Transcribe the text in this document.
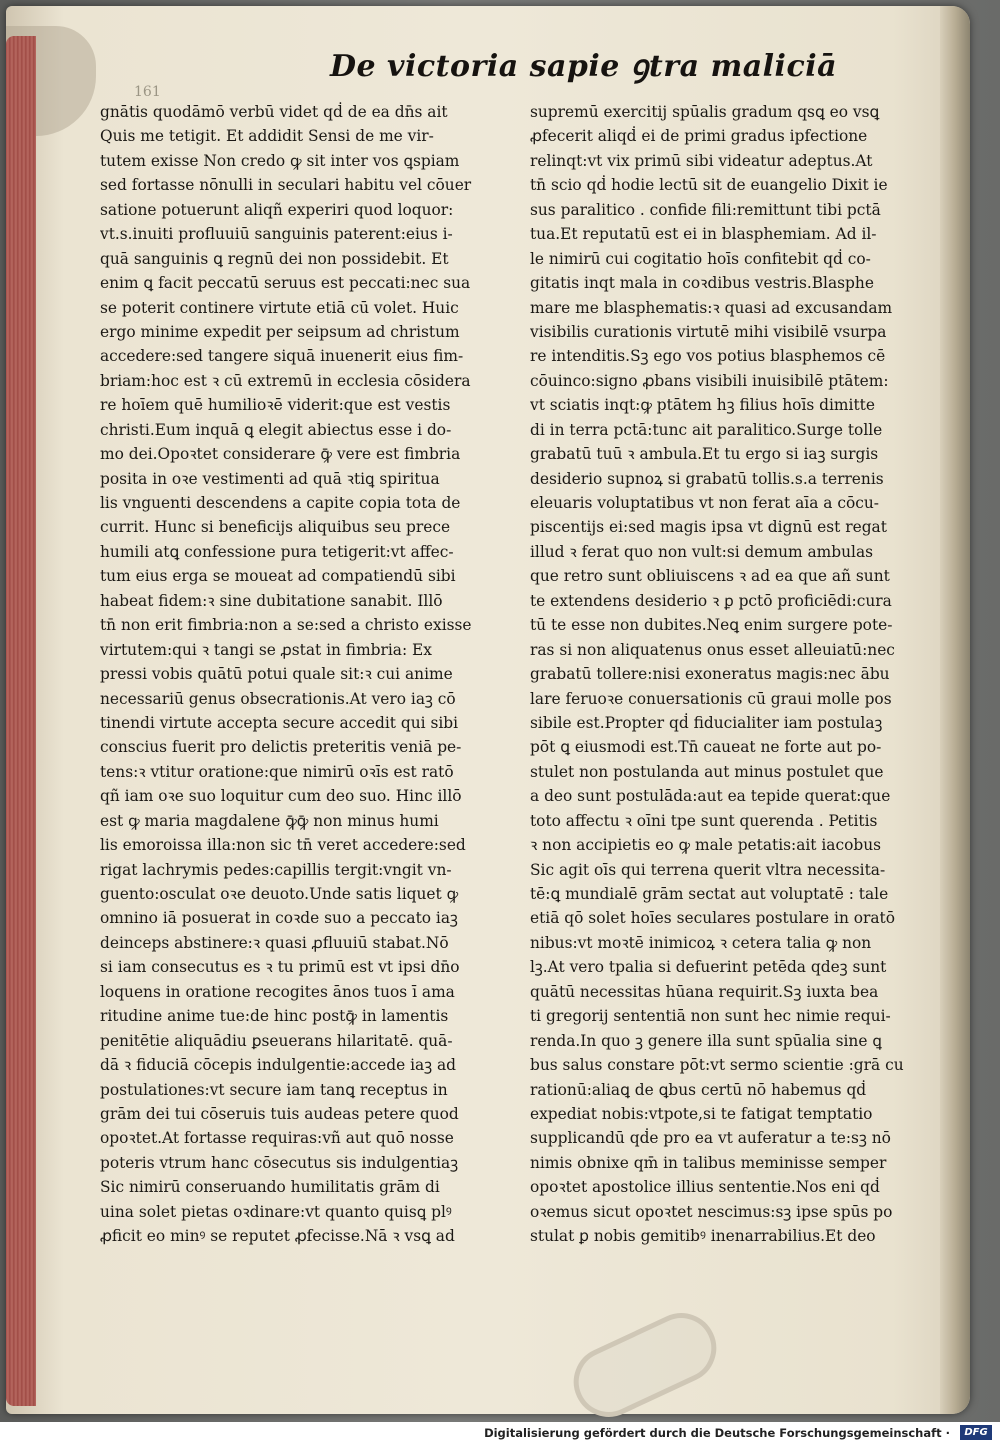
De victoria sapie ꝯtra maliciā
161
gnātis quodāmō verbū videt qḋ de ea dn̄s ait
Quis me tetigit. Et addidit Sensi de me vir-
tutem exisse Non credo ꝙ sit inter vos ꝗspiam
sed fortasse nōnulli in seculari habitu vel cōuer
satione potuerunt aliqñ experiri quod loquor:
vt.s.inuiti profluuiū sanguinis paterent:eius i-
quā sanguinis ꝗ regnū dei non possidebit. Et
enim ꝗ facit peccatū seruus est peccati:nec sua
se poterit continere virtute etiā cū volet. Huic
ergo minime expedit per seipsum ad christum
accedere:sed tangere siquā inuenerit eius fim-
briam:hoc est ꝛ cū extremū in ecclesia cōsidera
re hoīem quē humilioꝛē viderit:que est vestis
christi.Eum inquā ꝗ elegit abiectus esse i do-
mo dei.Opoꝛtet considerare ꝙ̄ vere est fimbria
posita in oꝛe vestimenti ad quā ꝛtiꝗ spiritua
lis vnguenti descendens a capite copia tota de
currit. Hunc si beneficijs aliquibus seu prece
humili atꝗ confessione pura tetigerit:vt affec-
tum eius erga se moueat ad compatiendū sibi
habeat fidem:ꝛ sine dubitatione sanabit. Illō
tn̄ non erit fimbria:non a se:sed a christo exisse
virtutem:qui ꝛ tangi se ꝓstat in fimbria: Ex
pressi vobis quātū potui quale sit:ꝛ cui anime
necessariū genus obsecrationis.At vero iaꝫ cō
tinendi virtute accepta secure accedit qui sibi
conscius fuerit pro delictis preteritis veniā pe-
tens:ꝛ vtitur oratione:que nimirū oꝛīs est ratō
qñ iam oꝛe suo loquitur cum deo suo. Hinc illō
est ꝙ maria magdalene ꝙ̄ꝙ̄ non minus humi
lis emoroissa illa:non sic tn̄ veret accedere:sed
rigat lachrymis pedes:capillis tergit:vngit vn-
guento:osculat oꝛe deuoto.Unde satis liquet ꝙ
omnino iā posuerat in coꝛde suo a peccato iaꝫ
deinceps abstinere:ꝛ quasi ꝓfluuiū stabat.Nō
si iam consecutus es ꝛ tu primū est vt ipsi dn̄o
loquens in oratione recogites ānos tuos ī ama
ritudine anime tue:de hinc postꝙ̄ in lamentis
penitētie aliquādiu ꝑseuerans hilaritatē. quā-
dā ꝛ fiduciā cōcepis indulgentie:accede iaꝫ ad
postulationes:vt secure iam tanꝗ receptus in
grām dei tui cōseruis tuis audeas petere quod
opoꝛtet.At fortasse requiras:vñ aut quō nosse
poteris vtrum hanc cōsecutus sis indulgentiaꝫ
Sic nimirū conseruando humilitatis grām di
uina solet pietas oꝛdinare:vt quanto quisꝗ plꝰ
ꝓficit eo minꝰ se reputet ꝓfecisse.Nā ꝛ vsꝗ ad
supremū exercitij spūalis gradum qsꝗ eo vsꝗ
ꝓfecerit aliqḋ ei de primi gradus ipfectione
relinqt:vt vix primū sibi videatur adeptus.At
tn̄ scio qḋ hodie lectū sit de euangelio Dixit ie
sus paralitico . confide fili:remittunt tibi pctā
tua.Et reputatū est ei in blasphemiam. Ad il-
le nimirū cui cogitatio hoīs confitebit qḋ co-
gitatis inqt mala in coꝛdibus vestris.Blasphe
mare me blasphematis:ꝛ quasi ad excusandam
visibilis curationis virtutē mihi visibilē vsurpa
re intenditis.Sꝫ ego vos potius blasphemos cē
cōuinco:signo ꝓbans visibili inuisibilē ptātem:
vt sciatis inqt:ꝙ ptātem hꝫ filius hoīs dimitte
di in terra pctā:tunc ait paralitico.Surge tolle
grabatū tuū ꝛ ambula.Et tu ergo si iaꝫ surgis
desiderio supnoꝝ si grabatū tollis.s.a terrenis
eleuaris voluptatibus vt non ferat aīa a cōcu-
piscentijs ei:sed magis ipsa vt dignū est regat
illud ꝛ ferat quo non vult:si demum ambulas
que retro sunt obliuiscens ꝛ ad ea que añ sunt
te extendens desiderio ꝛ ꝑ pctō proficiēdi:cura
tū te esse non dubites.Neꝗ enim surgere pote-
ras si non aliquatenus onus esset alleuiatū:nec
grabatū tollere:nisi exoneratus magis:nec ābu
lare feruoꝛe conuersationis cū graui molle pos
sibile est.Propter qḋ fiducialiter iam postulaꝫ
pōt ꝗ eiusmodi est.Tn̄ caueat ne forte aut po-
stulet non postulanda aut minus postulet que
a deo sunt postulāda:aut ea tepide querat:que
toto affectu ꝛ oīni tpe sunt querenda . Petitis
ꝛ non accipietis eo ꝙ male petatis:ait iacobus
Sic agit oīs qui terrena querit vltra necessita-
tē:ꝗ mundialē grām sectat aut voluptatē : tale
etiā qō solet hoīes seculares postulare in oratō
nibus:vt moꝛtē inimicoꝝ ꝛ cetera talia ꝙ non
lꝫ.At vero tpalia si defuerint petēda qdeꝫ sunt
quātū necessitas hūana requirit.Sꝫ iuxta bea
ti gregorij sententiā non sunt hec nimie requi-
renda.In quo ꝫ genere illa sunt spūalia sine ꝗ
bus salus constare pōt:vt sermo scientie :grā cu
rationū:aliaꝗ de ꝗbus certū nō habemus qḋ
expediat nobis:vtpote,si te fatigat temptatio
supplicandū qḋe pro ea vt auferatur a te:sꝫ nō
nimis obnixe qm̄ in talibus meminisse semper
opoꝛtet apostolice illius sententie.Nos eni qḋ
oꝛemus sicut opoꝛtet nescimus:sꝫ ipse spūs po
stulat ꝑ nobis gemitibꝰ inenarrabilius.Et deo
Digitalisierung gefördert durch die Deutsche Forschungsgemeinschaft ·	DFG
